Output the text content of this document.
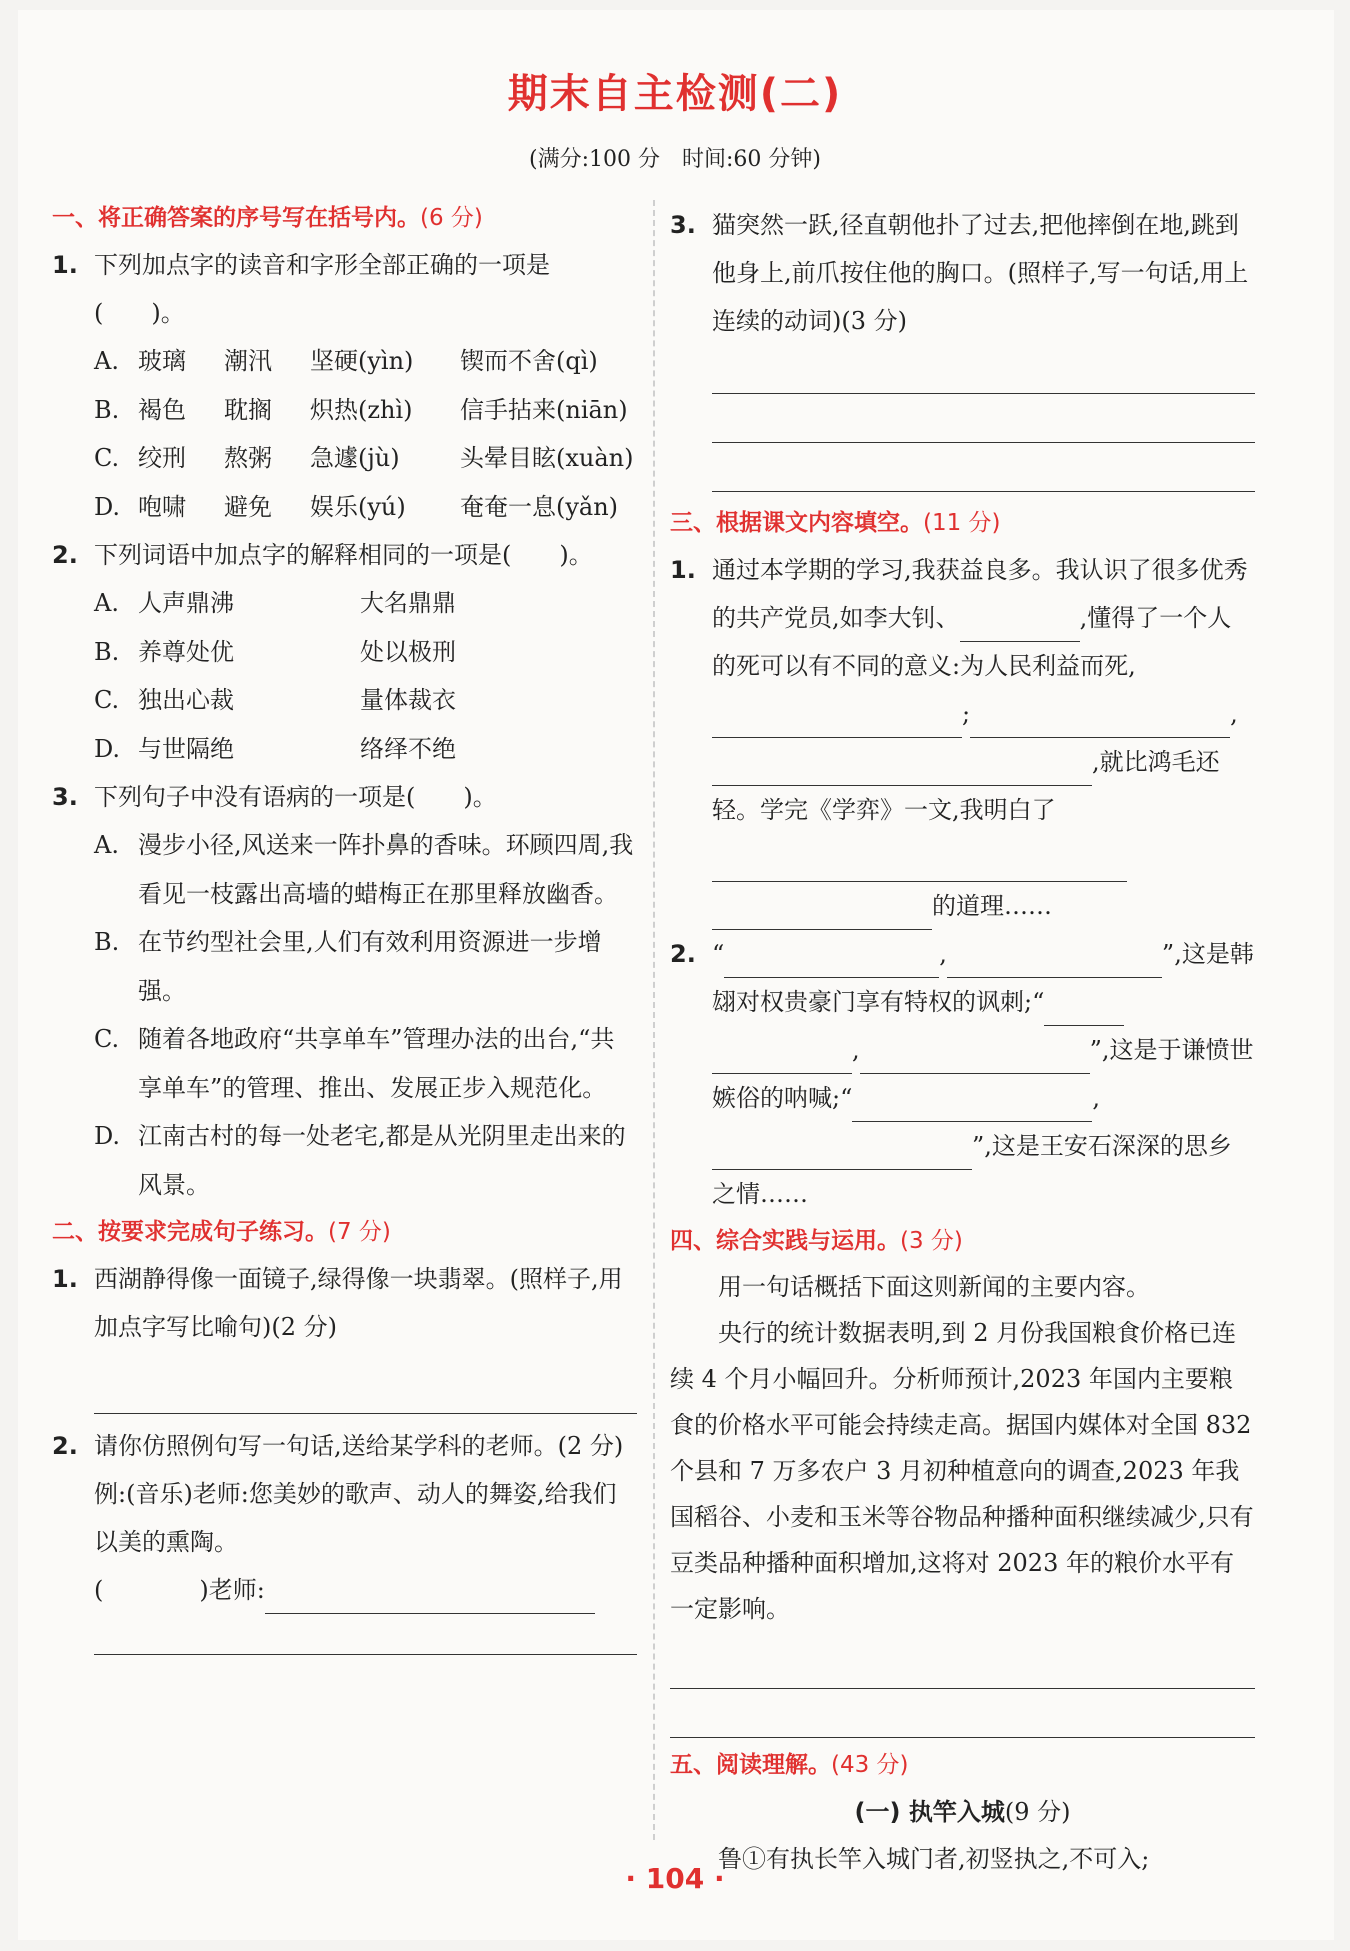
期末自主检测(二)
(满分:100 分　时间:60 分钟)
一、将正确答案的序号写在括号内。(6 分)
1. 下列加点字的读音和字形全部正确的一项是(　　)。
A. 玻璃 潮汛 坚硬(yìn) 锲而不舍(qì)
B. 褐色 耽搁 炽热(zhì) 信手拈来(niān)
C. 绞刑 熬粥 急遽(jù)	头晕目眩(xuàn)
D. 咆啸 避免 娱乐(yú) 奄奄一息(yǎn)
2. 下列词语中加点字的解释相同的一项是(　　)。
A. 人声鼎沸	大名鼎鼎
B. 养尊处优	处以极刑
C. 独出心裁	量体裁衣
D. 与世隔绝	络绎不绝
3. 下列句子中没有语病的一项是(　　)。
A. 漫步小径,风送来一阵扑鼻的香味。环顾四周,我看见一枝露出高墙的蜡梅正在那里释放幽香。
B. 在节约型社会里,人们有效利用资源进一步增强。
C. 随着各地政府“共享单车”管理办法的出台,“共享单车”的管理、推出、发展正步入规范化。
D. 江南古村的每一处老宅,都是从光阴里走出来的风景。
二、按要求完成句子练习。(7 分)
1. 西湖静得像一面镜子,绿得像一块翡翠。(照样子,用加点字写比喻句)(2 分)
2. 请你仿照例句写一句话,送给某学科的老师。(2 分)
例:(音乐)老师:您美妙的歌声、动人的舞姿,给我们以美的熏陶。
(　　　　)老师:
3. 猫突然一跃,径直朝他扑了过去,把他摔倒在地,跳到他身上,前爪按住他的胸口。(照样子,写一句话,用上连续的动词)(3 分)
三、根据课文内容填空。(11 分)
1. 通过本学期的学习,我获益良多。我认识了很多优秀的共产党员,如李大钊、	,懂得了一个人的死可以有不同的意义:为人民利益而死,;	,,就比鸿毛还轻。学完《学弈》一文,我明白了的道理……
2. “	,	”,这是韩翃对权贵豪门享有特权的讽刺;“,	”,这是于谦愤世嫉俗的呐喊;“	,”,这是王安石深深的思乡之情……
四、综合实践与运用。(3 分)
用一句话概括下面这则新闻的主要内容。
央行的统计数据表明,到 2 月份我国粮食价格已连续 4 个月小幅回升。分析师预计,2023 年国内主要粮食的价格水平可能会持续走高。据国内媒体对全国 832 个县和 7 万多农户 3 月初种植意向的调查,2023 年我国稻谷、小麦和玉米等谷物品种播种面积继续减少,只有豆类品种播种面积增加,这将对 2023 年的粮价水平有一定影响。
五、阅读理解。(43 分)
(一) 执竿入城(9 分)
鲁①有执长竿入城门者,初竖执之,不可入;
· 104 ·
